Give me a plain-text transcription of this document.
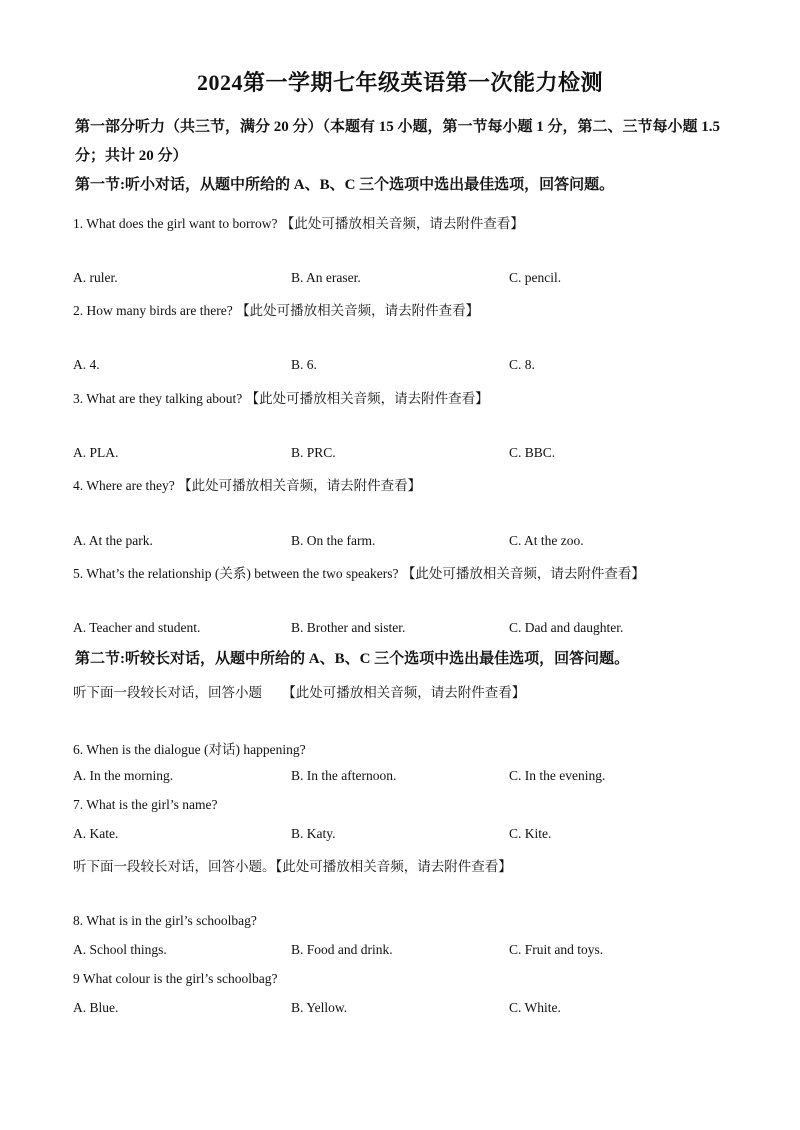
2024第一学期七年级英语第一次能力检测
第一部分听力（共三节，满分 20 分）（本题有 15 小题，第一节每小题 1 分，第二、三节每小题 1.5 分；共计 20 分）
第一节:听小对话，从题中所给的 A、B、C 三个选项中选出最佳选项，回答问题。
1. What does the girl want to borrow? 【此处可播放相关音频，请去附件查看】
A. ruler.	B. An eraser.	C. pencil.
2. How many birds are there? 【此处可播放相关音频，请去附件查看】
A. 4.	B. 6.	C. 8.
3. What are they talking about? 【此处可播放相关音频，请去附件查看】
A. PLA.	B. PRC.	C. BBC.
4. Where are they? 【此处可播放相关音频，请去附件查看】
A. At the park.	B. On the farm.	C. At the zoo.
5. What’s the relationship (关系) between the two speakers? 【此处可播放相关音频，请去附件查看】
A. Teacher and student.	B. Brother and sister.	C. Dad and daughter.
第二节:听较长对话，从题中所给的 A、B、C 三个选项中选出最佳选项，回答问题。
听下面一段较长对话，回答小题　　【此处可播放相关音频，请去附件查看】
6. When is the dialogue (对话) happening?
A. In the morning.	B. In the afternoon.	C. In the evening.
7. What is the girl’s name?
A. Kate.	B. Katy.	C. Kite.
听下面一段较长对话，回答小题。【此处可播放相关音频，请去附件查看】
8. What is in the girl’s schoolbag?
A. School things.	B. Food and drink.	C. Fruit and toys.
9 What colour is the girl’s schoolbag?
A. Blue.	B. Yellow.	C. White.
